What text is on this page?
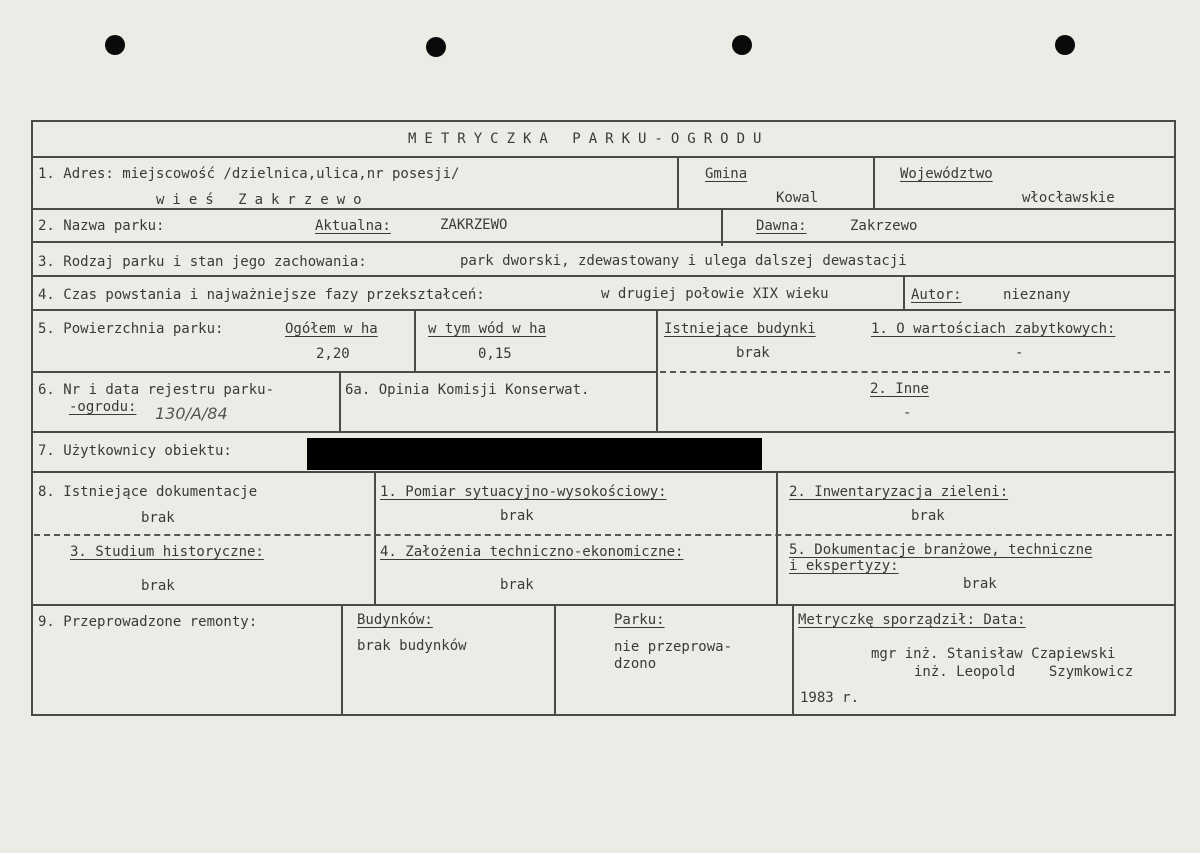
METRYCZKA PARKU-OGRODU
1. Adres: miejscowość /dzielnica,ulica,nr posesji/
wieś Zakrzewo
Gmina
Kowal
Województwo
włocławskie
2. Nazwa parku:	Aktualna:	ZAKRZEWO	Dawna:	Zakrzewo
3. Rodzaj parku i stan jego zachowania:	park dworski, zdewastowany i ulega dalszej dewastacji
4. Czas powstania i najważniejsze fazy przekształceń:	w drugiej połowie XIX wieku	Autor:	nieznany
5. Powierzchnia parku:	Ogółem w ha
2,20
w tym wód w ha
0,15
Istniejące budynki
brak
1. O wartościach zabytkowych:
-
2. Inne
-
6. Nr i data rejestru parku-
-ogrodu: 130/A/84
6a. Opinia Komisji Konserwat.
7. Użytkownicy obiektu:
8. Istniejące dokumentacje
brak
1. Pomiar sytuacyjno-wysokościowy:
brak
2. Inwentaryzacja zieleni:
brak
3. Studium historyczne:
brak
4. Założenia techniczno-ekonomiczne:
brak
5. Dokumentacje branżowe, techniczne
i ekspertyzy:
brak
9. Przeprowadzone remonty:	Budynków:
brak budynków
Parku:
nie przeprowa-
dzono
Metryczkę sporządził: Data:
mgr inż. Stanisław Czapiewski
inż. Leopold    Szymkowicz
1983 r.
